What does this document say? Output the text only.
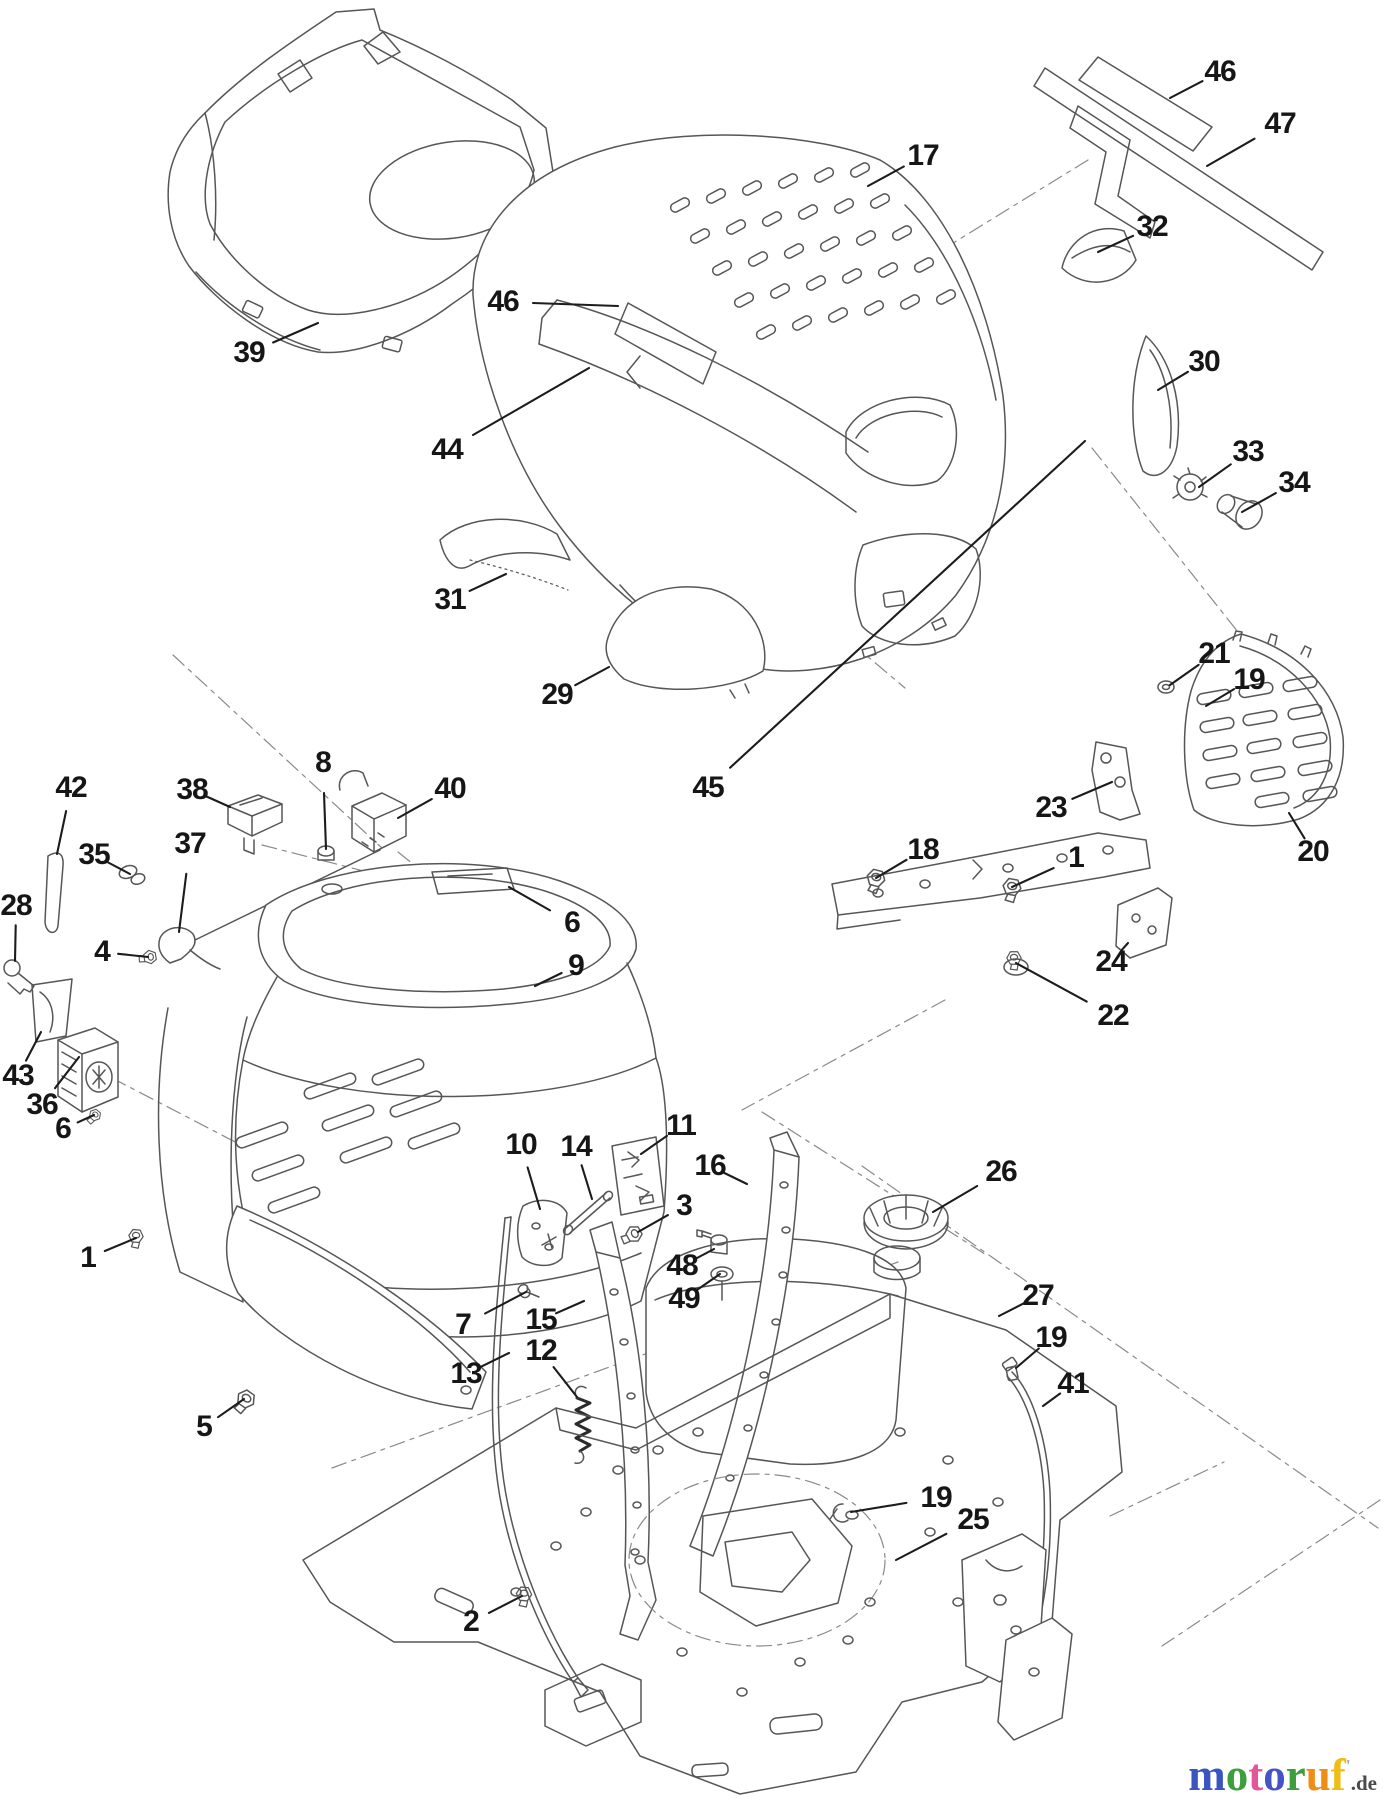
39
46
47
17
32
30
46
44
31
29
45
33
34
21
19
20
23
18	1
24
22
42	38
8
40
35 37
28
4
6
9
43
36
6	11
10 14
16
3
26
48
49	27
1
7 15
13
12	19
41
5
2
19
25
motoruf'.de
